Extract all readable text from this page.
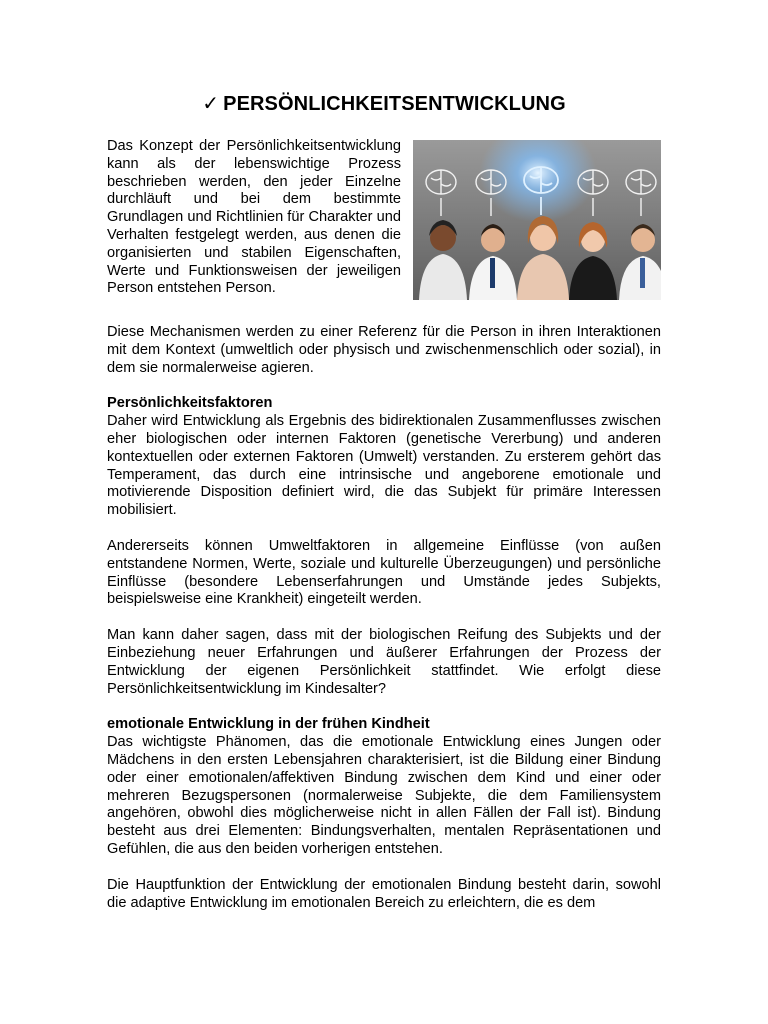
✓ PERSÖNLICHKEITSENTWICKLUNG

Das Konzept der Persönlichkeitsentwicklung kann als der lebenswichtige Prozess beschrieben werden, den jeder Einzelne durchläuft und bei dem bestimmte Grundlagen und Richtlinien für Charakter und Verhalten festgelegt werden, aus denen die organisierten und stabilen Eigenschaften, Werte und Funktionsweisen der jeweiligen Person entstehen Person.

Diese Mechanismen werden zu einer Referenz für die Person in ihren Interaktionen mit dem Kontext (umweltlich oder physisch und zwischenmenschlich oder sozial), in dem sie normalerweise agieren.

Persönlichkeitsfaktoren

Daher wird Entwicklung als Ergebnis des bidirektionalen Zusammenflusses zwischen eher biologischen oder internen Faktoren (genetische Vererbung) und anderen kontextuellen oder externen Faktoren (Umwelt) verstanden. Zu ersterem gehört das Temperament, das durch eine intrinsische und angeborene emotionale und motivierende Disposition definiert wird, die das Subjekt für primäre Interessen mobilisiert.

Andererseits können Umweltfaktoren in allgemeine Einflüsse (von außen entstandene Normen, Werte, soziale und kulturelle Überzeugungen) und persönliche Einflüsse (besondere Lebenserfahrungen und Umstände jedes Subjekts, beispielsweise eine Krankheit) eingeteilt werden.

Man kann daher sagen, dass mit der biologischen Reifung des Subjekts und der Einbeziehung neuer Erfahrungen und äußerer Erfahrungen der Prozess der Entwicklung der eigenen Persönlichkeit stattfindet. Wie erfolgt diese Persönlichkeitsentwicklung im Kindesalter?

emotionale Entwicklung in der frühen Kindheit

Das wichtigste Phänomen, das die emotionale Entwicklung eines Jungen oder Mädchens in den ersten Lebensjahren charakterisiert, ist die Bildung einer Bindung oder einer emotionalen/affektiven Bindung zwischen dem Kind und einer oder mehreren Bezugspersonen (normalerweise Subjekte, die dem Familiensystem angehören, obwohl dies möglicherweise nicht in allen Fällen der Fall ist). Bindung besteht aus drei Elementen: Bindungsverhalten, mentalen Repräsentationen und Gefühlen, die aus den beiden vorherigen entstehen.

Die Hauptfunktion der Entwicklung der emotionalen Bindung besteht darin, sowohl die adaptive Entwicklung im emotionalen Bereich zu erleichtern, die es dem
